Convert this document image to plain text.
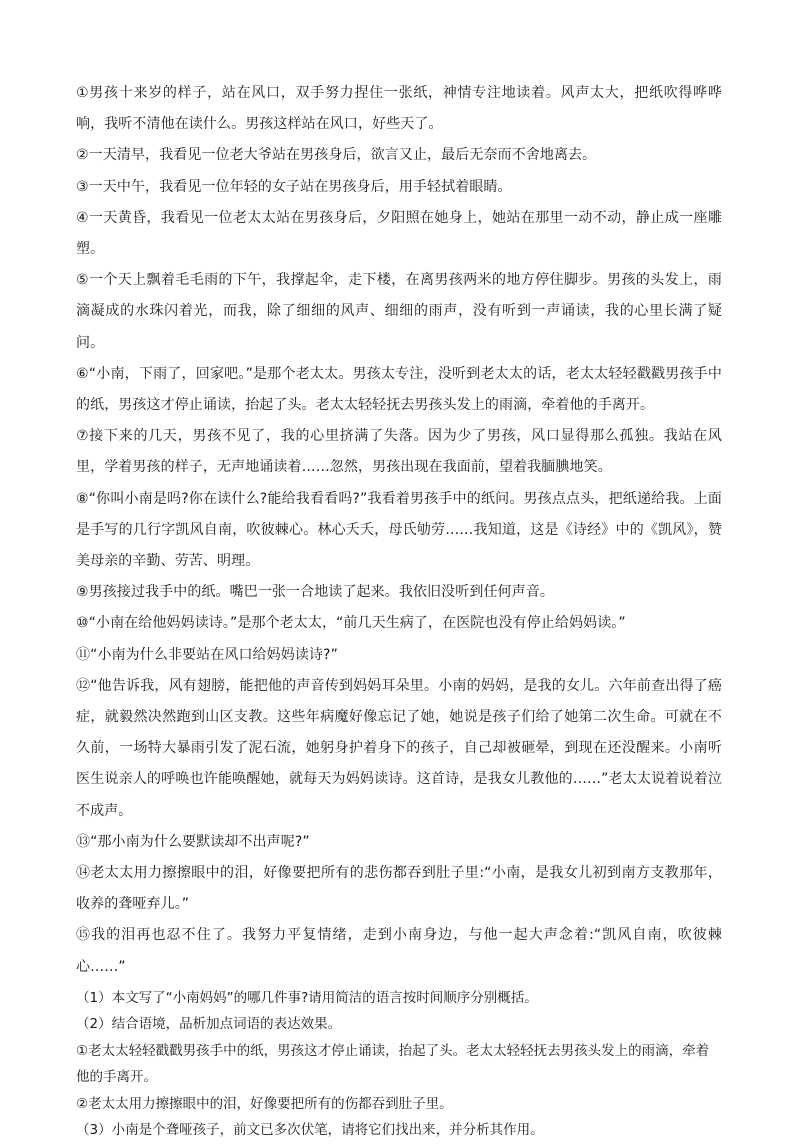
①男孩十来岁的样子，站在风口，双手努力捏住一张纸，神情专注地读着。风声太大，把纸吹得哗哗响，我听不清他在读什么。男孩这样站在风口，好些天了。

②一天清早，我看见一位老大爷站在男孩身后，欲言又止，最后无奈而不舍地离去。

③一天中午，我看见一位年轻的女子站在男孩身后，用手轻拭着眼睛。

④一天黄昏，我看见一位老太太站在男孩身后，夕阳照在她身上，她站在那里一动不动，静止成一座雕塑。

⑤一个天上飘着毛毛雨的下午，我撑起伞，走下楼，在离男孩两米的地方停住脚步。男孩的头发上，雨滴凝成的水珠闪着光，而我，除了细细的风声、细细的雨声，没有听到一声诵读，我的心里长满了疑问。

⑥“小南，下雨了，回家吧。”是那个老太太。男孩太专注，没听到老太太的话，老太太轻轻戳戳男孩手中的纸，男孩这才停止诵读，抬起了头。老太太轻轻抚去男孩头发上的雨滴，牵着他的手离开。

⑦接下来的几天，男孩不见了，我的心里挤满了失落。因为少了男孩，风口显得那么孤独。我站在风里，学着男孩的样子，无声地诵读着……忽然，男孩出现在我面前，望着我腼腆地笑。

⑧“你叫小南是吗?你在读什么?能给我看看吗?”我看着男孩手中的纸问。男孩点点头，把纸递给我。上面是手写的几行字凯风自南，吹彼棘心。林心夭夭，母氏劬劳……我知道，这是《诗经》中的《凯风》，赞美母亲的辛勤、劳苦、明理。

⑨男孩接过我手中的纸。嘴巴一张一合地读了起来。我依旧没听到任何声音。

⑩“小南在给他妈妈读诗。”是那个老太太，“前几天生病了，在医院也没有停止给妈妈读。”

⑪“小南为什么非要站在风口给妈妈读诗?”

⑫“他告诉我，风有翅膀，能把他的声音传到妈妈耳朵里。小南的妈妈，是我的女儿。六年前查出得了癌症，就毅然决然跑到山区支教。这些年病魔好像忘记了她，她说是孩子们给了她第二次生命。可就在不久前，一场特大暴雨引发了泥石流，她躬身护着身下的孩子，自己却被砸晕，到现在还没醒来。小南听医生说亲人的呼唤也许能唤醒她，就每天为妈妈读诗。这首诗，是我女儿教他的……”老太太说着说着泣不成声。

⑬“那小南为什么要默读却不出声呢?”

⑭老太太用力擦擦眼中的泪，好像要把所有的悲伤都吞到肚子里:“小南，是我女儿初到南方支教那年，收养的聋哑弃儿。”

⑮我的泪再也忍不住了。我努力平复情绪，走到小南身边，与他一起大声念着:“凯风自南，吹彼棘心……”

（1）本文写了“小南妈妈”的哪几件事?请用简洁的语言按时间顺序分别概括。

（2）结合语境，品析加点词语的表达效果。

①老太太轻轻戳戳男孩手中的纸，男孩这才停止诵读，抬起了头。老太太轻轻抚去男孩头发上的雨滴，牵着他的手离开。

②老太太用力擦擦眼中的泪，好像要把所有的伤都吞到肚子里。

（3）小南是个聋哑孩子，前文已多次伏笔，请将它们找出来，并分析其作用。
